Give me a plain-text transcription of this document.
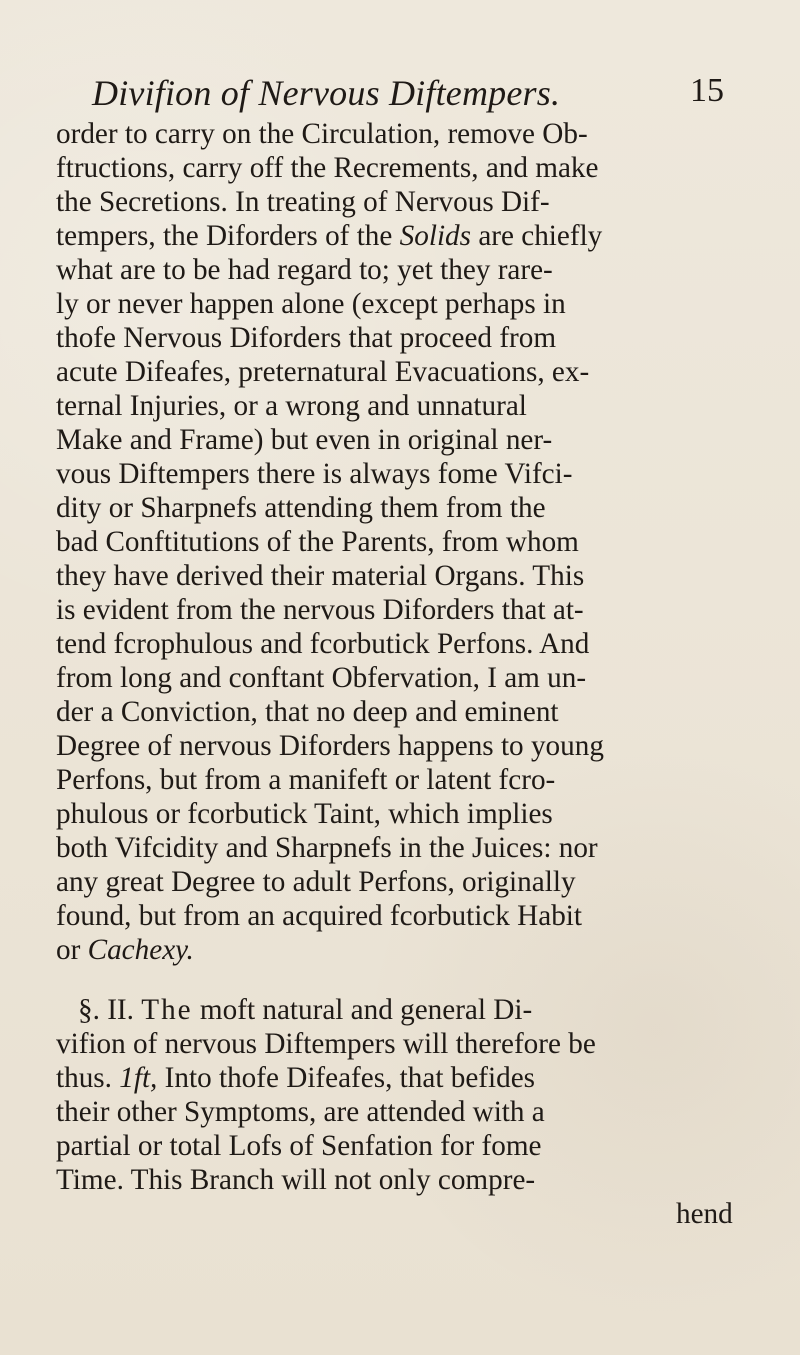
Divifion of Nervous Diftempers.	15
order to carry on the Circulation, remove Ob-
ftructions, carry off the Recrements, and make
the Secretions. In treating of Nervous Dif-
tempers, the Diforders of the Solids are chiefly
what are to be had regard to; yet they rare-
ly or never happen alone (except perhaps in
thofe Nervous Diforders that proceed from
acute Difeafes, preternatural Evacuations, ex-
ternal Injuries, or a wrong and unnatural
Make and Frame) but even in original ner-
vous Diftempers there is always fome Vifci-
dity or Sharpnefs attending them from the
bad Conftitutions of the Parents, from whom
they have derived their material Organs. This
is evident from the nervous Diforders that at-
tend fcrophulous and fcorbutick Perfons. And
from long and conftant Obfervation, I am un-
der a Conviction, that no deep and eminent
Degree of nervous Diforders happens to young
Perfons, but from a manifeft or latent fcro-
phulous or fcorbutick Taint, which implies
both Vifcidity and Sharpnefs in the Juices: nor
any great Degree to adult Perfons, originally
found, but from an acquired fcorbutick Habit
or Cachexy.
§. II. The moft natural and general Di-
vifion of nervous Diftempers will therefore be
thus. 1ft, Into thofe Difeafes, that befides
their other Symptoms, are attended with a
partial or total Lofs of Senfation for fome
Time. This Branch will not only compre-
hend
